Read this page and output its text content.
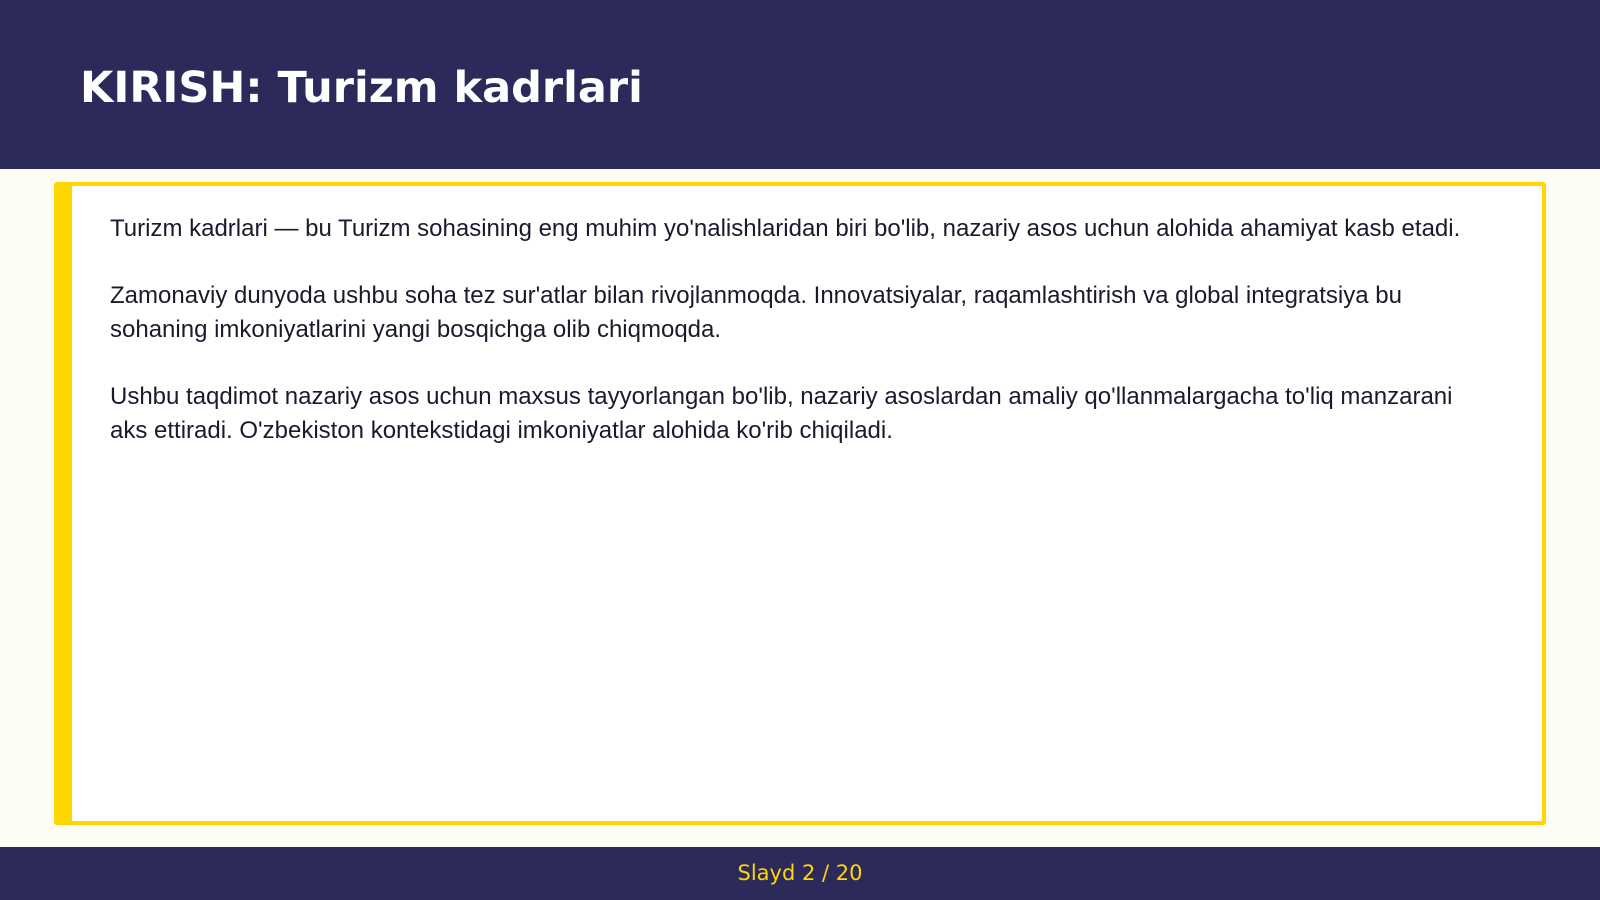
KIRISH: Turizm kadrlari

Turizm kadrlari — bu Turizm sohasining eng muhim yo'nalishlaridan biri bo'lib, nazariy asos uchun alohida ahamiyat kasb etadi.

Zamonaviy dunyoda ushbu soha tez sur'atlar bilan rivojlanmoqda. Innovatsiyalar, raqamlashtirish va global integratsiya bu sohaning imkoniyatlarini yangi bosqichga olib chiqmoqda.

Ushbu taqdimot nazariy asos uchun maxsus tayyorlangan bo'lib, nazariy asoslardan amaliy qo'llanmalargacha to'liq manzarani aks ettiradi. O'zbekiston kontekstidagi imkoniyatlar alohida ko'rib chiqiladi.

Slayd 2 / 20
